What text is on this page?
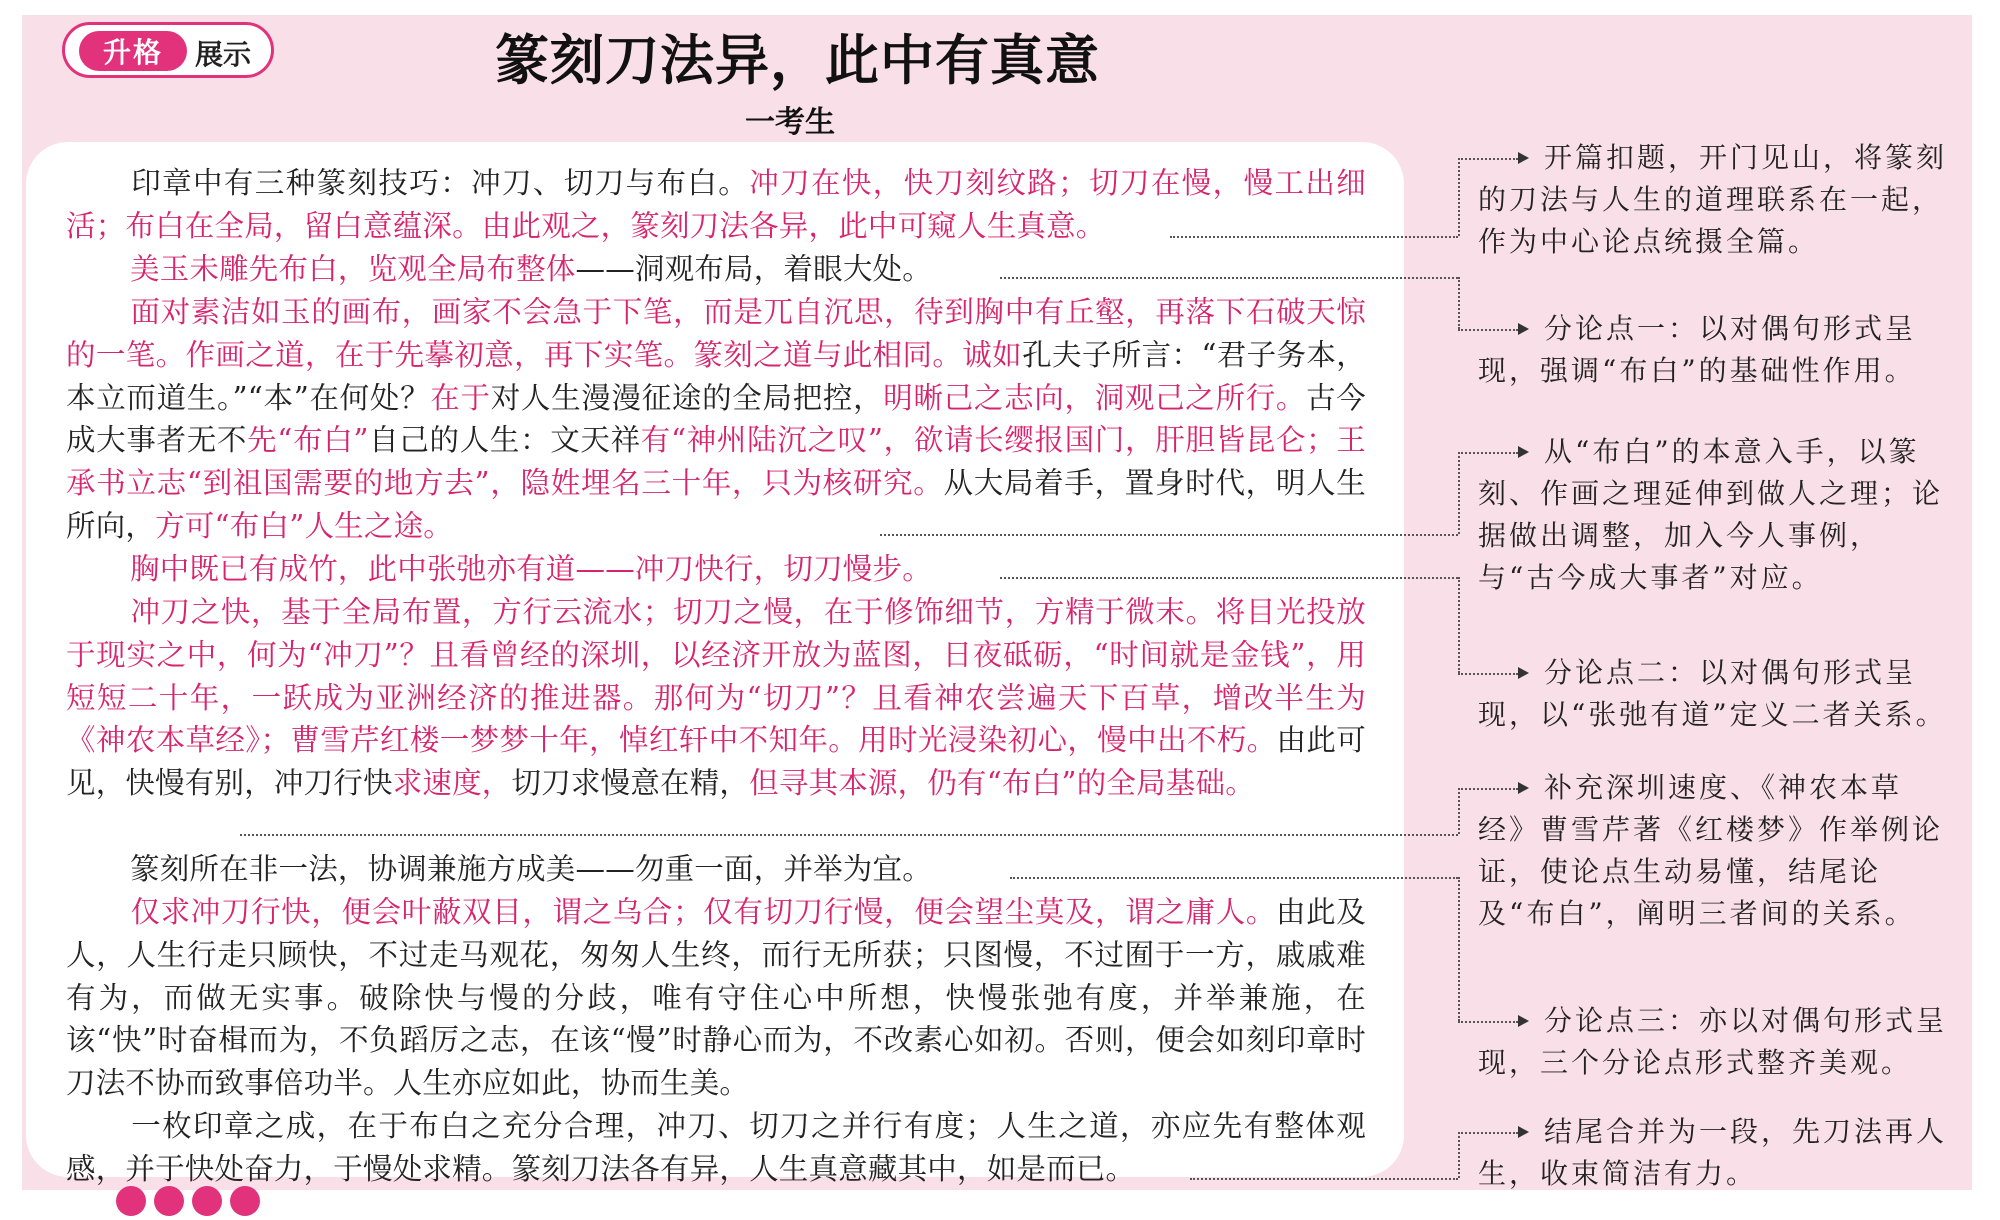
升格	展示	篆刻刀法异，此中有真意
一考生
印章中有三种篆刻技巧：冲刀、切刀与布白。冲刀在快，快刀刻纹路；切刀在慢，慢工出细活；布白在全局，留白意蕴深。由此观之，篆刻刀法各异，此中可窥人生真意。
美玉未雕先布白，览观全局布整体——洞观布局，着眼大处。
面对素洁如玉的画布，画家不会急于下笔，而是兀自沉思，待到胸中有丘壑，再落下石破天惊的一笔。作画之道，在于先摹初意，再下实笔。篆刻之道与此相同。诚如孔夫子所言：“君子务本，本立而道生。”“本”在何处？在于对人生漫漫征途的全局把控，明晰己之志向，洞观己之所行。古今成大事者无不先“布白”自己的人生：文天祥有“神州陆沉之叹”，欲请长缨报国门，肝胆皆昆仑；王承书立志“到祖国需要的地方去”，隐姓埋名三十年，只为核研究。从大局着手，置身时代，明人生所向，方可“布白”人生之途。
胸中既已有成竹，此中张弛亦有道——冲刀快行，切刀慢步。
冲刀之快，基于全局布置，方行云流水；切刀之慢，在于修饰细节，方精于微末。将目光投放于现实之中，何为“冲刀”？且看曾经的深圳，以经济开放为蓝图，日夜砥砺，“时间就是金钱”，用短短二十年，一跃成为亚洲经济的推进器。那何为“切刀”？且看神农尝遍天下百草，增改半生为《神农本草经》；曹雪芹红楼一梦梦十年，悼红轩中不知年。用时光浸染初心，慢中出不朽。由此可见，快慢有别，冲刀行快求速度，切刀求慢意在精，但寻其本源，仍有“布白”的全局基础。
篆刻所在非一法，协调兼施方成美——勿重一面，并举为宜。
仅求冲刀行快，便会叶蔽双目，谓之乌合；仅有切刀行慢，便会望尘莫及，谓之庸人。由此及人，人生行走只顾快，不过走马观花，匆匆人生终，而行无所获；只图慢，不过囿于一方，戚戚难有为，而做无实事。破除快与慢的分歧，唯有守住心中所想，快慢张弛有度，并举兼施，在该“快”时奋楫而为，不负蹈厉之志，在该“慢”时静心而为，不改素心如初。否则，便会如刻印章时刀法不协而致事倍功半。人生亦应如此，协而生美。
一枚印章之成，在于布白之充分合理，冲刀、切刀之并行有度；人生之道，亦应先有整体观感，并于快处奋力，于慢处求精。篆刻刀法各有异，人生真意藏其中，如是而已。
开篇扣题，开门见山，将篆刻的刀法与人生的道理联系在一起，作为中心论点统摄全篇。
分论点一：以对偶句形式呈现，强调“布白”的基础性作用。
从“布白”的本意入手，以篆刻、作画之理延伸到做人之理；论据做出调整，加入今人事例，与“古今成大事者”对应。
分论点二：以对偶句形式呈现，以“张弛有道”定义二者关系。
补充深圳速度、《神农本草经》曹雪芹著《红楼梦》作举例论证，使论点生动易懂，结尾论及“布白”，阐明三者间的关系。
分论点三：亦以对偶句形式呈现，三个分论点形式整齐美观。
结尾合并为一段，先刀法再人生，收束简洁有力。
